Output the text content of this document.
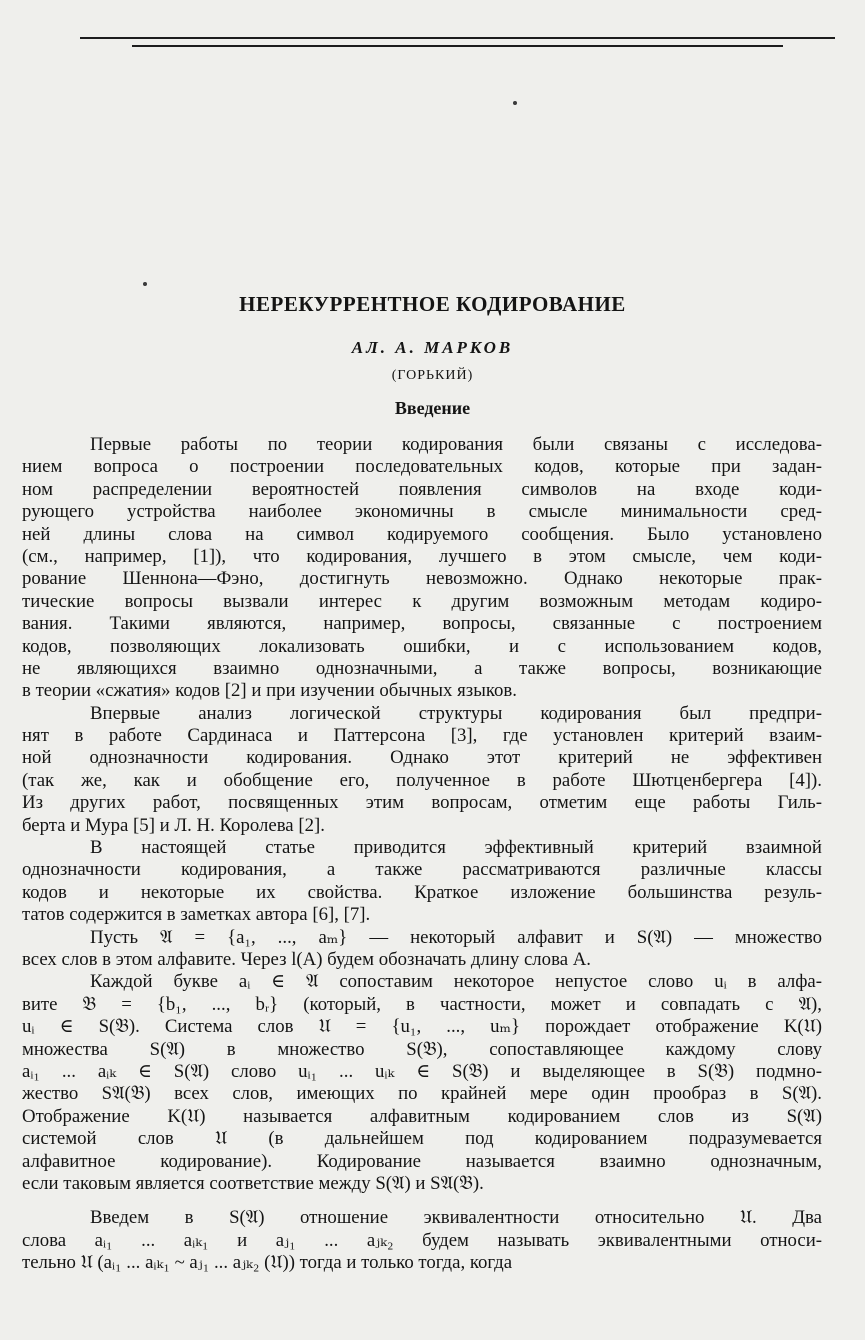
НЕРЕКУРРЕНТНОЕ КОДИРОВАНИЕ
АЛ. А. МАРКОВ
(ГОРЬКИЙ)
Введение
Первые работы по теории кодирования были связаны с исследова-
нием вопроса о построении последовательных кодов, которые при задан-
ном распределении вероятностей появления символов на входе коди-
рующего устройства наиболее экономичны в смысле минимальности сред-
ней длины слова на символ кодируемого сообщения. Было установлено
(см., например, [1]), что кодирования, лучшего в этом смысле, чем коди-
рование Шеннона—Фэно, достигнуть невозможно. Однако некоторые прак-
тические вопросы вызвали интерес к другим возможным методам кодиро-
вания. Такими являются, например, вопросы, связанные с построением
кодов, позволяющих локализовать ошибки, и с использованием кодов,
не являющихся взаимно однозначными, а также вопросы, возникающие
в теории «сжатия» кодов [2] и при изучении обычных языков.
Впервые анализ логической структуры кодирования был предпри-
нят в работе Сардинаса и Паттерсона [3], где установлен критерий взаим-
ной однозначности кодирования. Однако этот критерий не эффективен
(так же, как и обобщение его, полученное в работе Шютценбергера [4]).
Из других работ, посвященных этим вопросам, отметим еще работы Гиль-
берта и Мура [5] и Л. Н. Королева [2].
В настоящей статье приводится эффективный критерий взаимной
однозначности кодирования, а также рассматриваются различные классы
кодов и некоторые их свойства. Краткое изложение большинства резуль-
татов содержится в заметках автора [6], [7].
Пусть 𝔄 = {a₁, ..., aₘ} — некоторый алфавит и S(𝔄) — множество
всех слов в этом алфавите. Через l(A) будем обозначать длину слова A.
Каждой букве aᵢ ∈ 𝔄 сопоставим некоторое непустое слово uᵢ в алфа-
вите 𝔅 = {b₁, ..., bᵣ} (который, в частности, может и совпадать с 𝔄),
uᵢ ∈ S(𝔅). Система слов 𝔘 = {u₁, ..., uₘ} порождает отображение K(𝔘)
множества S(𝔄) в множество S(𝔅), сопоставляющее каждому слову
aᵢ₁ ... aᵢₖ ∈ S(𝔄) слово uᵢ₁ ... uᵢₖ ∈ S(𝔅) и выделяющее в S(𝔅) подмно-
жество S𝔄(𝔅) всех слов, имеющих по крайней мере один прообраз в S(𝔄).
Отображение K(𝔘) называется алфавитным кодированием слов из S(𝔄)
системой слов 𝔘 (в дальнейшем под кодированием подразумевается
алфавитное кодирование). Кодирование называется взаимно однозначным,
если таковым является соответствие между S(𝔄) и S𝔄(𝔅).
Введем в S(𝔄) отношение эквивалентности относительно 𝔘. Два
слова aᵢ₁ ... aᵢₖ₁ и aⱼ₁ ... aⱼₖ₂ будем называть эквивалентными относи-
тельно 𝔘 (aᵢ₁ ... aᵢₖ₁ ~ aⱼ₁ ... aⱼₖ₂ (𝔘)) тогда и только тогда, когда
